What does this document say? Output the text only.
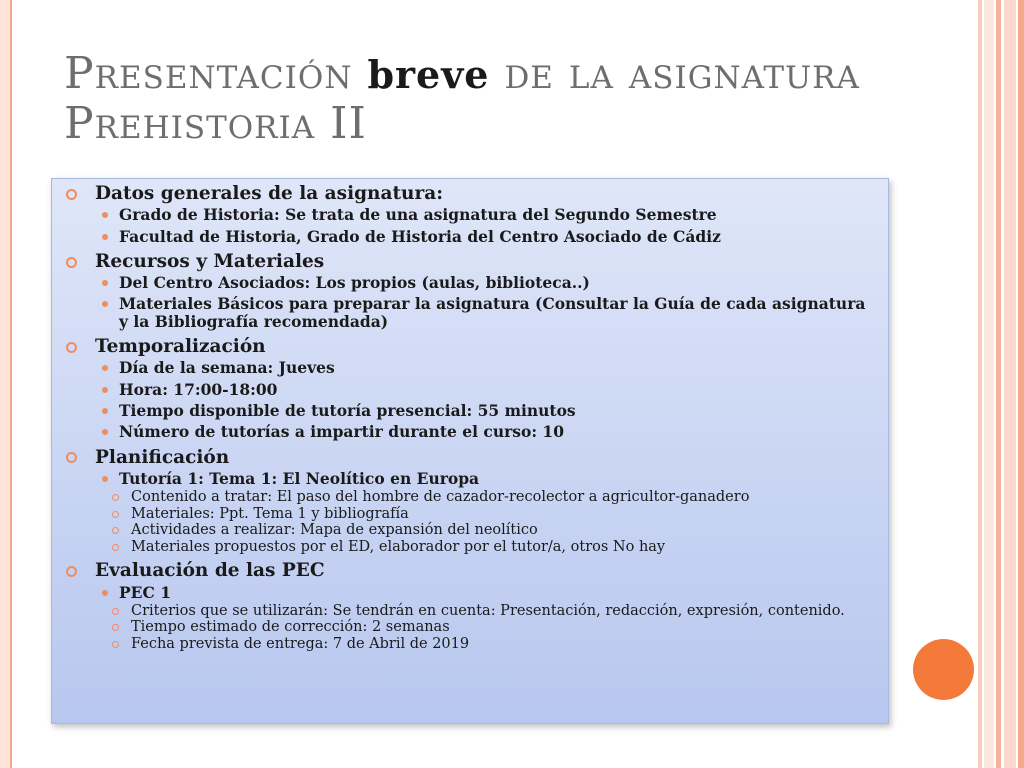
Presentación breve de la asignatura
Prehistoria II
Datos generales de la asignatura:
Grado de Historia: Se trata de una asignatura del Segundo Semestre
Facultad de Historia, Grado de Historia del Centro Asociado de Cádiz
Recursos y Materiales
Del Centro Asociados: Los propios (aulas, biblioteca..)
Materiales Básicos para preparar la asignatura (Consultar la Guía de cada asignatura y la Bibliografía recomendada)
Temporalización
Día de la semana: Jueves
Hora: 17:00-18:00
Tiempo disponible de tutoría presencial: 55 minutos
Número de tutorías a impartir durante el curso: 10
Planificación
Tutoría 1: Tema 1: El Neolítico en Europa
Contenido a tratar: El paso del hombre de cazador-recolector a agricultor-ganadero
Materiales: Ppt. Tema 1 y bibliografía
Actividades a realizar: Mapa de expansión del neolítico
Materiales propuestos por el ED, elaborador por el tutor/a, otros No hay
Evaluación de las PEC
PEC 1
Criterios que se utilizarán: Se tendrán en cuenta: Presentación, redacción, expresión, contenido.
Tiempo estimado de corrección: 2 semanas
Fecha prevista de entrega: 7 de Abril de 2019
